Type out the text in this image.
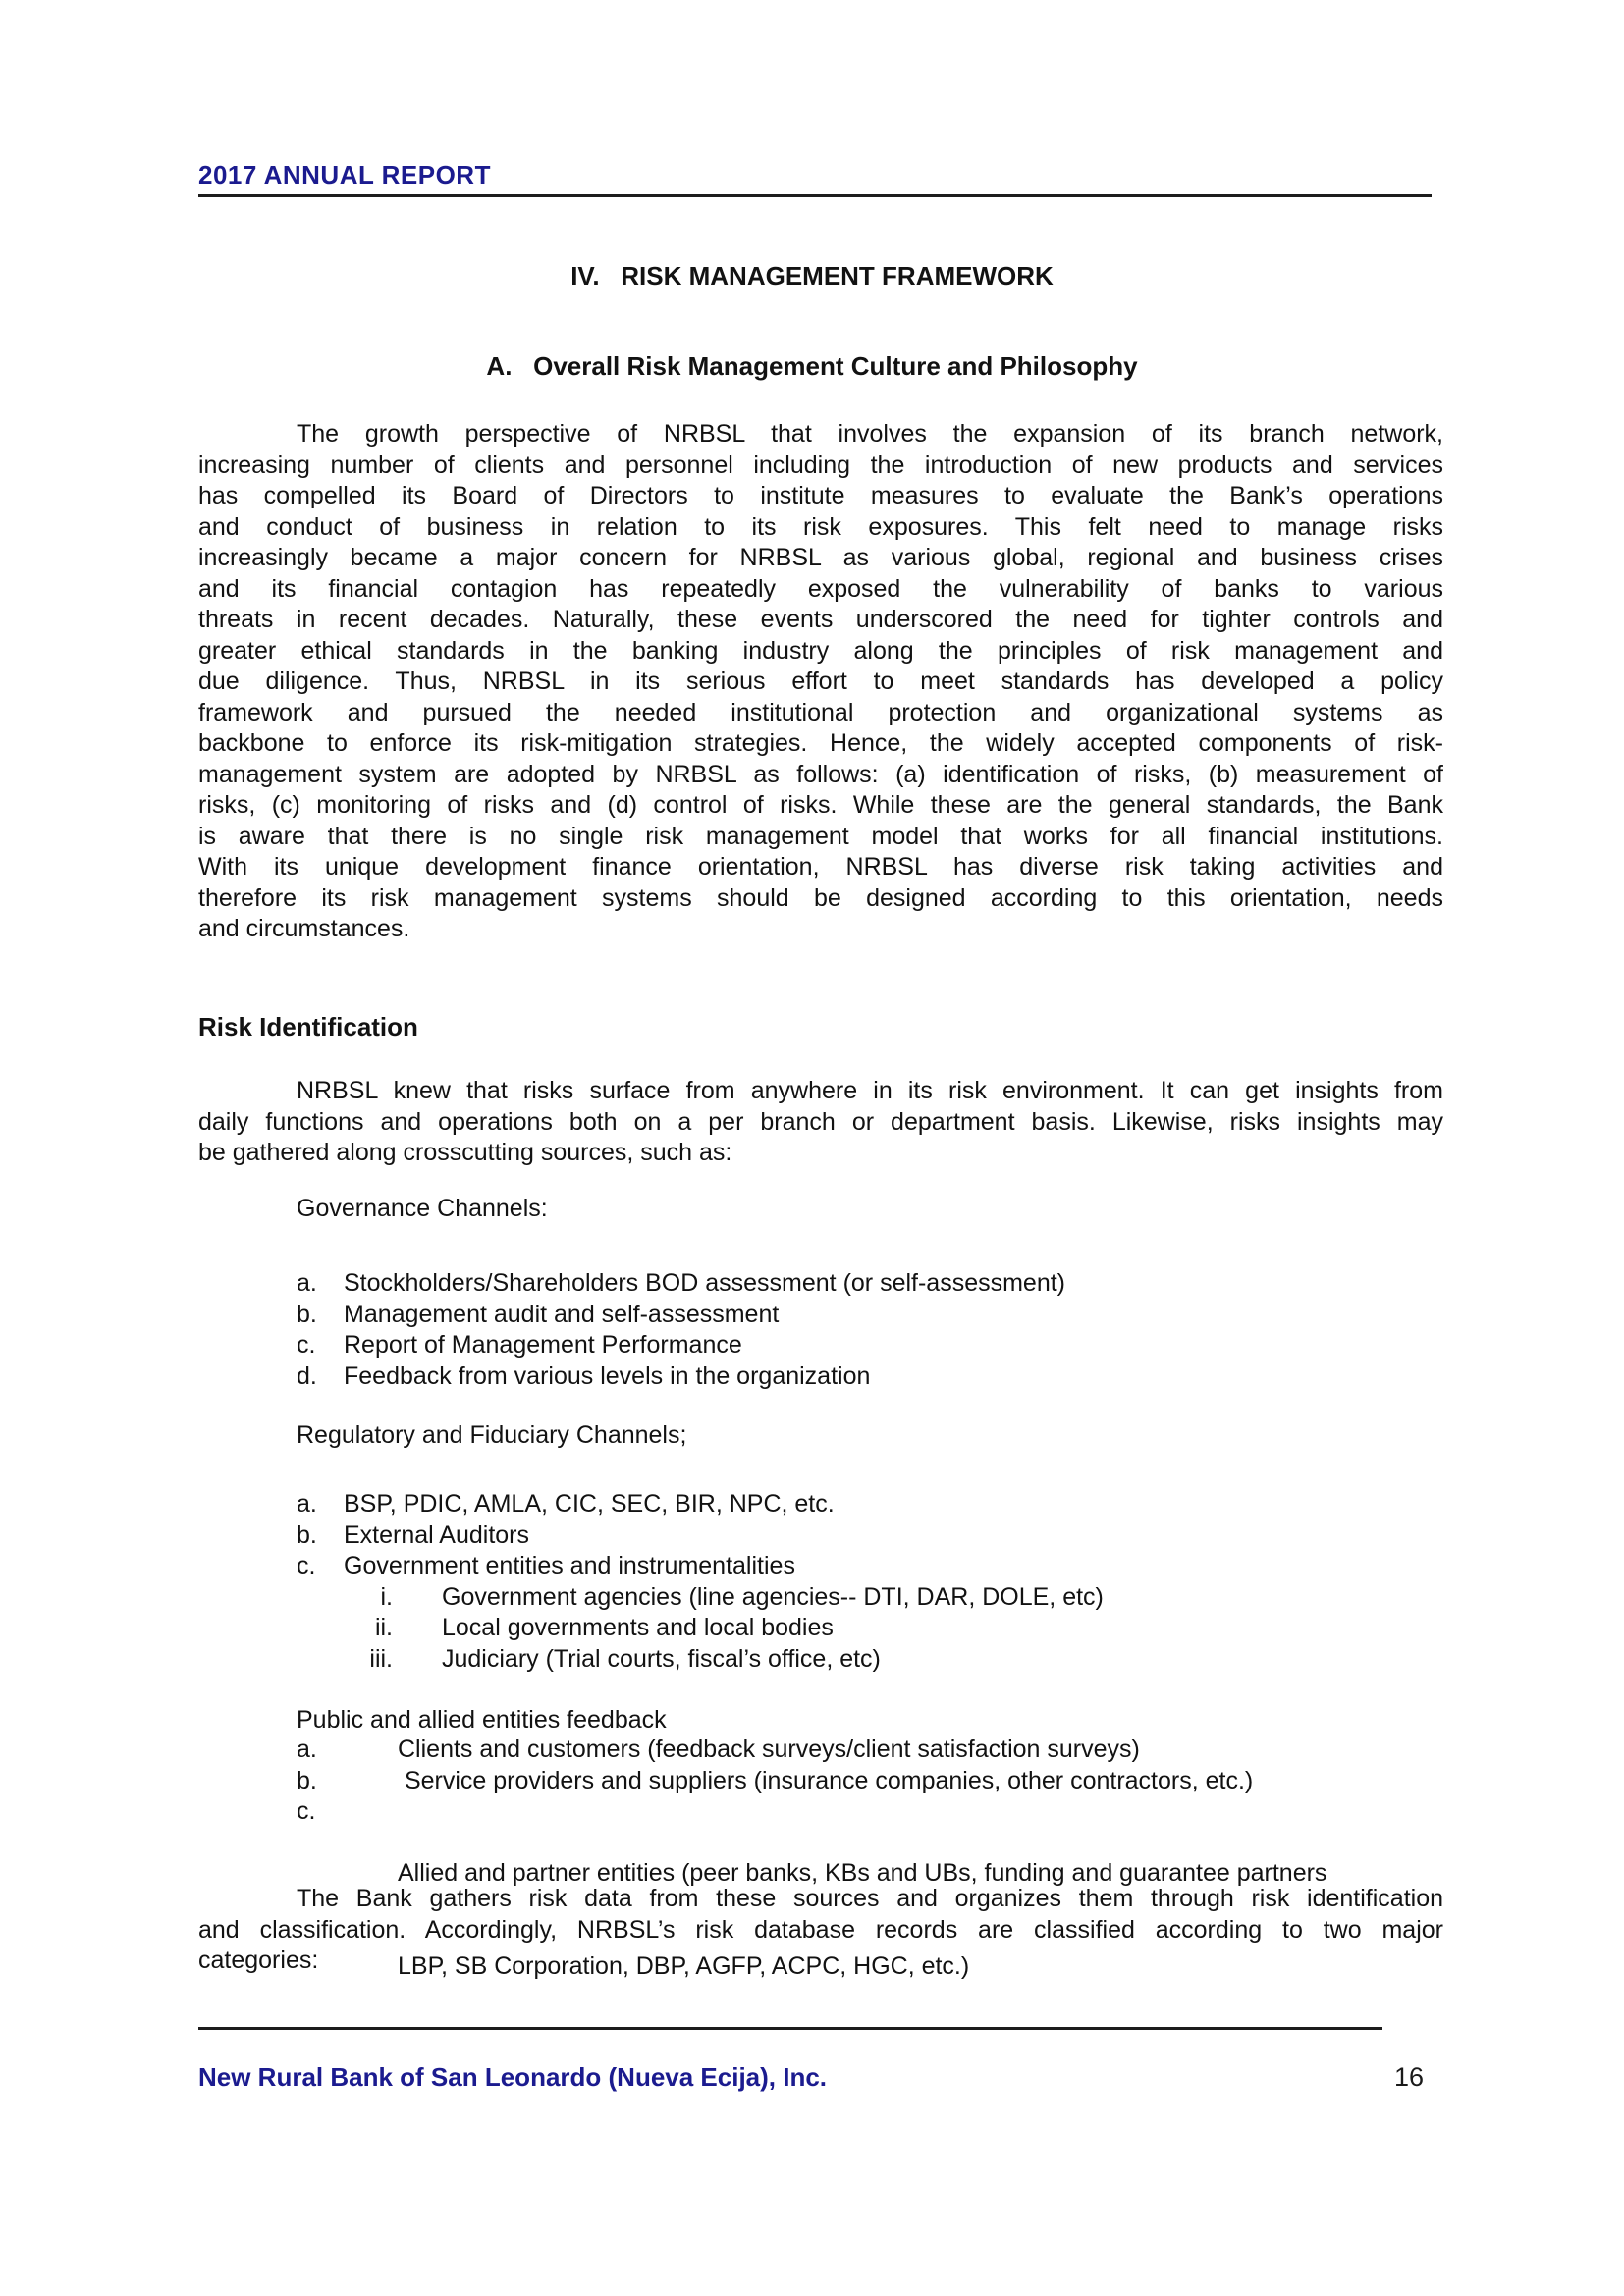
2017 ANNUAL REPORT
IV.   RISK MANAGEMENT FRAMEWORK
A.   Overall Risk Management Culture and Philosophy
The growth perspective of NRBSL that involves the expansion of its branch network,
increasing number of clients and personnel including the introduction of new products and services
has compelled its Board of Directors to institute measures to evaluate the Bank’s operations
and conduct of business in relation to its risk exposures. This felt need to manage risks
increasingly became a major concern for NRBSL as various global, regional and business crises
and its financial contagion has repeatedly exposed the vulnerability of banks to various
threats in recent decades. Naturally, these events underscored the need for tighter controls and
greater ethical standards in the banking industry along the principles of risk management and
due diligence. Thus, NRBSL in its serious effort to meet standards has developed a policy
framework and pursued the needed institutional protection and organizational systems as
backbone to enforce its risk-mitigation strategies. Hence, the widely accepted components of risk-
management system are adopted by NRBSL as follows: (a) identification of risks, (b) measurement of
risks, (c) monitoring of risks and (d) control of risks. While these are the general standards, the Bank
is aware that there is no single risk management model that works for all financial institutions.
With its unique development finance orientation, NRBSL has diverse risk taking activities and
therefore its risk management systems should be designed according to this orientation, needs
and circumstances.
Risk Identification
NRBSL knew that risks surface from anywhere in its risk environment. It can get insights from
daily functions and operations both on a per branch or department basis. Likewise, risks insights may
be gathered along crosscutting sources, such as:
Governance Channels:
a.	Stockholders/Shareholders BOD assessment (or self-assessment)
b.	Management audit and self-assessment
c.	Report of Management Performance
d.	Feedback from various levels in the organization
Regulatory and Fiduciary Channels;
a.	BSP, PDIC, AMLA, CIC, SEC, BIR, NPC, etc.
b.	External Auditors
c.	Government entities and instrumentalities
i. Government agencies (line agencies-- DTI, DAR, DOLE, etc)
ii. Local governments and local bodies
iii. Judiciary (Trial courts, fiscal’s office, etc)
Public and allied entities feedback
a.	Clients and customers (feedback surveys/client satisfaction surveys)
b.	Service providers and suppliers (insurance companies, other contractors, etc.)
c.

Allied and partner entities (peer banks, KBs and UBs, funding and guarantee partners

LBP, SB Corporation, DBP, AGFP, ACPC, HGC, etc.)

The Bank gathers risk data from these sources and organizes them through risk identification
and classification. Accordingly, NRBSL’s risk database records are classified according to two major
categories:
New Rural Bank of San Leonardo (Nueva Ecija), Inc.	16
